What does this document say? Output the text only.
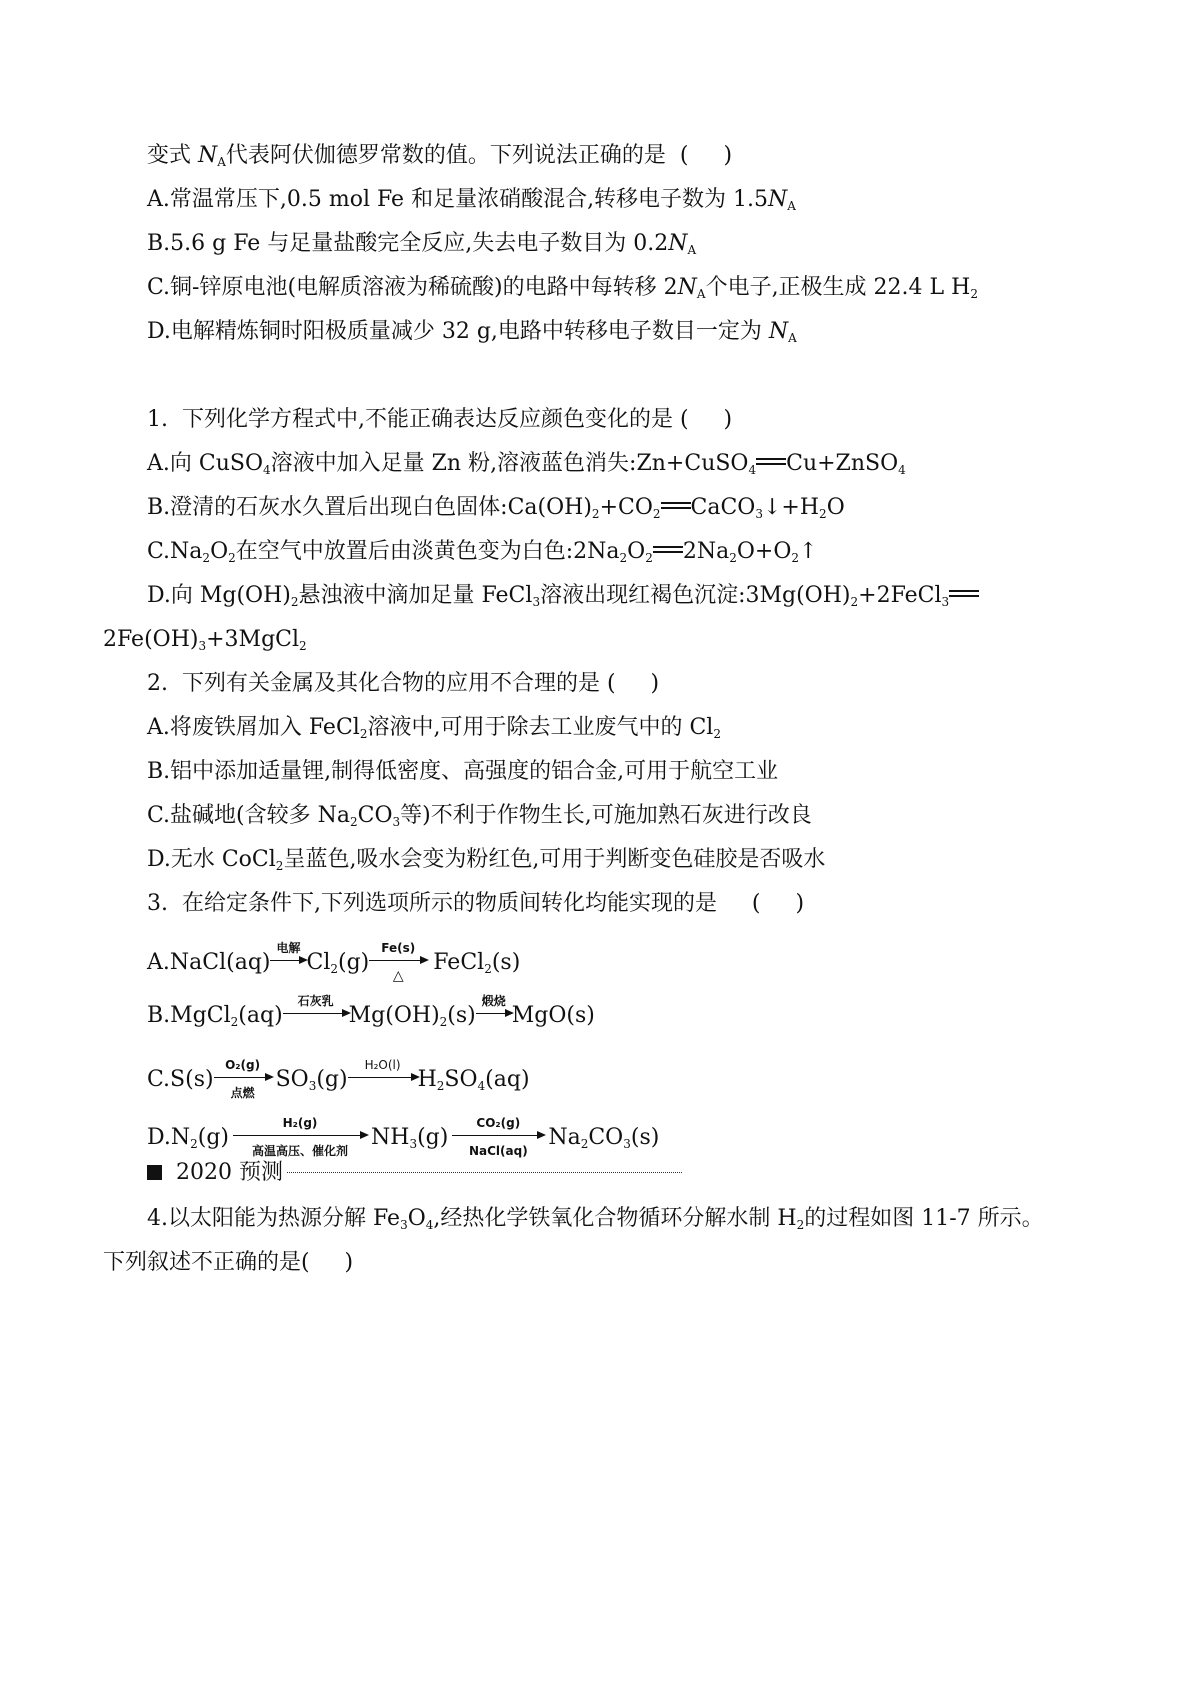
变式 $N_A$代表阿伏伽德罗常数的值。下列说法正确的是  (     )
A.常温常压下,0.5 mol Fe 和足量浓硝酸混合,转移电子数为 $1.5N_A$
B.5.6 g Fe 与足量盐酸完全反应,失去电子数目为 $0.2N_A$
C.铜-锌原电池(电解质溶液为稀硫酸)的电路中每转移 $2N_A$个电子,正极生成 22.4 L $H_2$
D.电解精炼铜时阳极质量减少 32 g,电路中转移电子数目一定为 $N_A$
1.  下列化学方程式中,不能正确表达反应颜色变化的是 (     )
A.向 CuSO$_4$溶液中加入足量 Zn 粉,溶液蓝色消失:Zn+CuSO$_4$ Cu+ZnSO$_4$
B.澄清的石灰水久置后出现白色固体$:Ca(OH)_2+CO_2$ $CaCO_3↓+H_2O$
$C.Na_2O_2$在空气中放置后由淡黄色变为白色$:2Na_2O_2$ $2Na_2O+O_2↑$
D.向 $Mg(OH)_2$悬浊液中滴加足量 FeCl$_3$溶液出现红褐色沉淀$:3Mg(OH)_2+2FeCl_3$
$2Fe(OH)_3+3MgCl_2$
2.  下列有关金属及其化合物的应用不合理的是 (     )
A.将废铁屑加入 FeCl$_2$溶液中,可用于除去工业废气中的 $Cl_2$
B.铝中添加适量锂,制得低密度、高强度的铝合金,可用于航空工业
C.盐碱地(含较多 $Na_2CO_3$等)不利于作物生长,可施加熟石灰进行改良
D.无水 CoCl$_2$呈蓝色,吸水会变为粉红色,可用于判断变色硅胶是否吸水
3.  在给定条件下,下列选项所示的物质间转化均能实现的是     (     )
A.NaCl(aq)
电解
$Cl_2(g)$
Fe(s)
△
FeCl$_2$(s)
B.MgCl$_2$(aq)
石灰乳
$Mg(OH)_2(s)$
煅烧
MgO(s)
C.S(s)
O₂(g)
点燃
$SO_3(g)$
H₂O(l)
$H_2SO_4(aq)$
$D.N_2(g)$
H₂(g)
高温高压、催化剂
$NH_3(g)$
CO₂(g)
NaCl(aq)
$Na_2CO_3(s)$
2020 预测
4.以太阳能为热源分解 $Fe_3O_4$,经热化学铁氧化合物循环分解水制 $H_2$的过程如图 11-7 所示。
下列叙述不正确的是(     )
